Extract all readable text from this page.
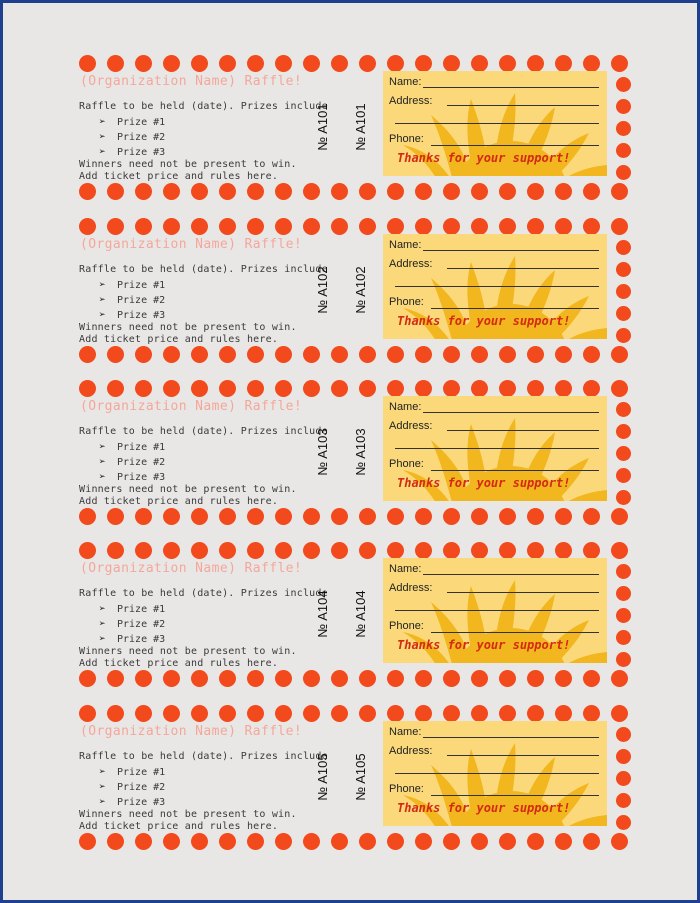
(Organization Name) Raffle!
Raffle to be held (date). Prizes include
➢ Prize #1
➢ Prize #2
➢ Prize #3
Winners need not be present to win.
Add ticket price and rules here.
№ A101 № A101
Name:
Address:
Phone:
Thanks for your support!
(Organization Name) Raffle!
Raffle to be held (date). Prizes include
➢ Prize #1
➢ Prize #2
➢ Prize #3
Winners need not be present to win.
Add ticket price and rules here.
№ A102 № A102
Name:
Address:
Phone:
Thanks for your support!
(Organization Name) Raffle!
Raffle to be held (date). Prizes include
➢ Prize #1
➢ Prize #2
➢ Prize #3
Winners need not be present to win.
Add ticket price and rules here.
№ A103 № A103
Name:
Address:
Phone:
Thanks for your support!
(Organization Name) Raffle!
Raffle to be held (date). Prizes include
➢ Prize #1
➢ Prize #2
➢ Prize #3
Winners need not be present to win.
Add ticket price and rules here.
№ A104 № A104
Name:
Address:
Phone:
Thanks for your support!
(Organization Name) Raffle!
Raffle to be held (date). Prizes include
➢ Prize #1
➢ Prize #2
➢ Prize #3
Winners need not be present to win.
Add ticket price and rules here.
№ A105 № A105
Name:
Address:
Phone:
Thanks for your support!
